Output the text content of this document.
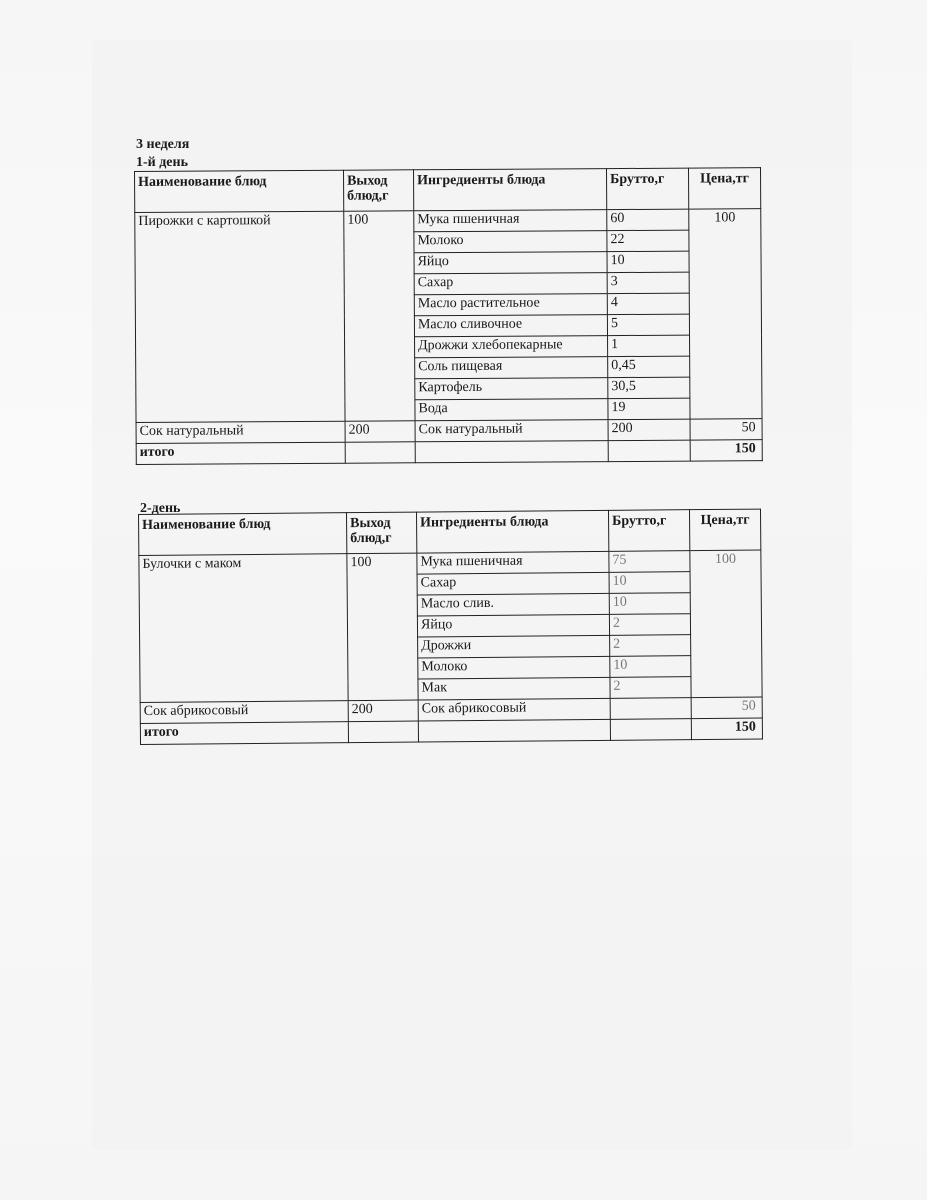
3 неделя
1-й день
Наименование блюд	Выход блюд,г	Ингредиенты блюда	Брутто,г	Цена,тг
Пирожки с картошкой	100	Мука пшеничная	60	100
		Молоко	22	
		Яйцо	10	
		Сахар	3	
		Масло растительное	4	
		Масло сливочное	5	
		Дрожжи хлебопекарные	1	
		Соль пищевая	0,45	
		Картофель	30,5	
		Вода	19	
Сок натуральный	200	Сок натуральный	200	50
итого				150
2-день
Наименование блюд	Выход блюд,г	Ингредиенты блюда	Брутто,г	Цена,тг
Булочки с маком	100	Мука пшеничная	75	100
		Сахар	10	
		Масло слив.	10	
		Яйцо	2	
		Дрожжи	2	
		Молоко	10	
		Мак	2	
Сок абрикосовый	200	Сок абрикосовый		50
итого				150
